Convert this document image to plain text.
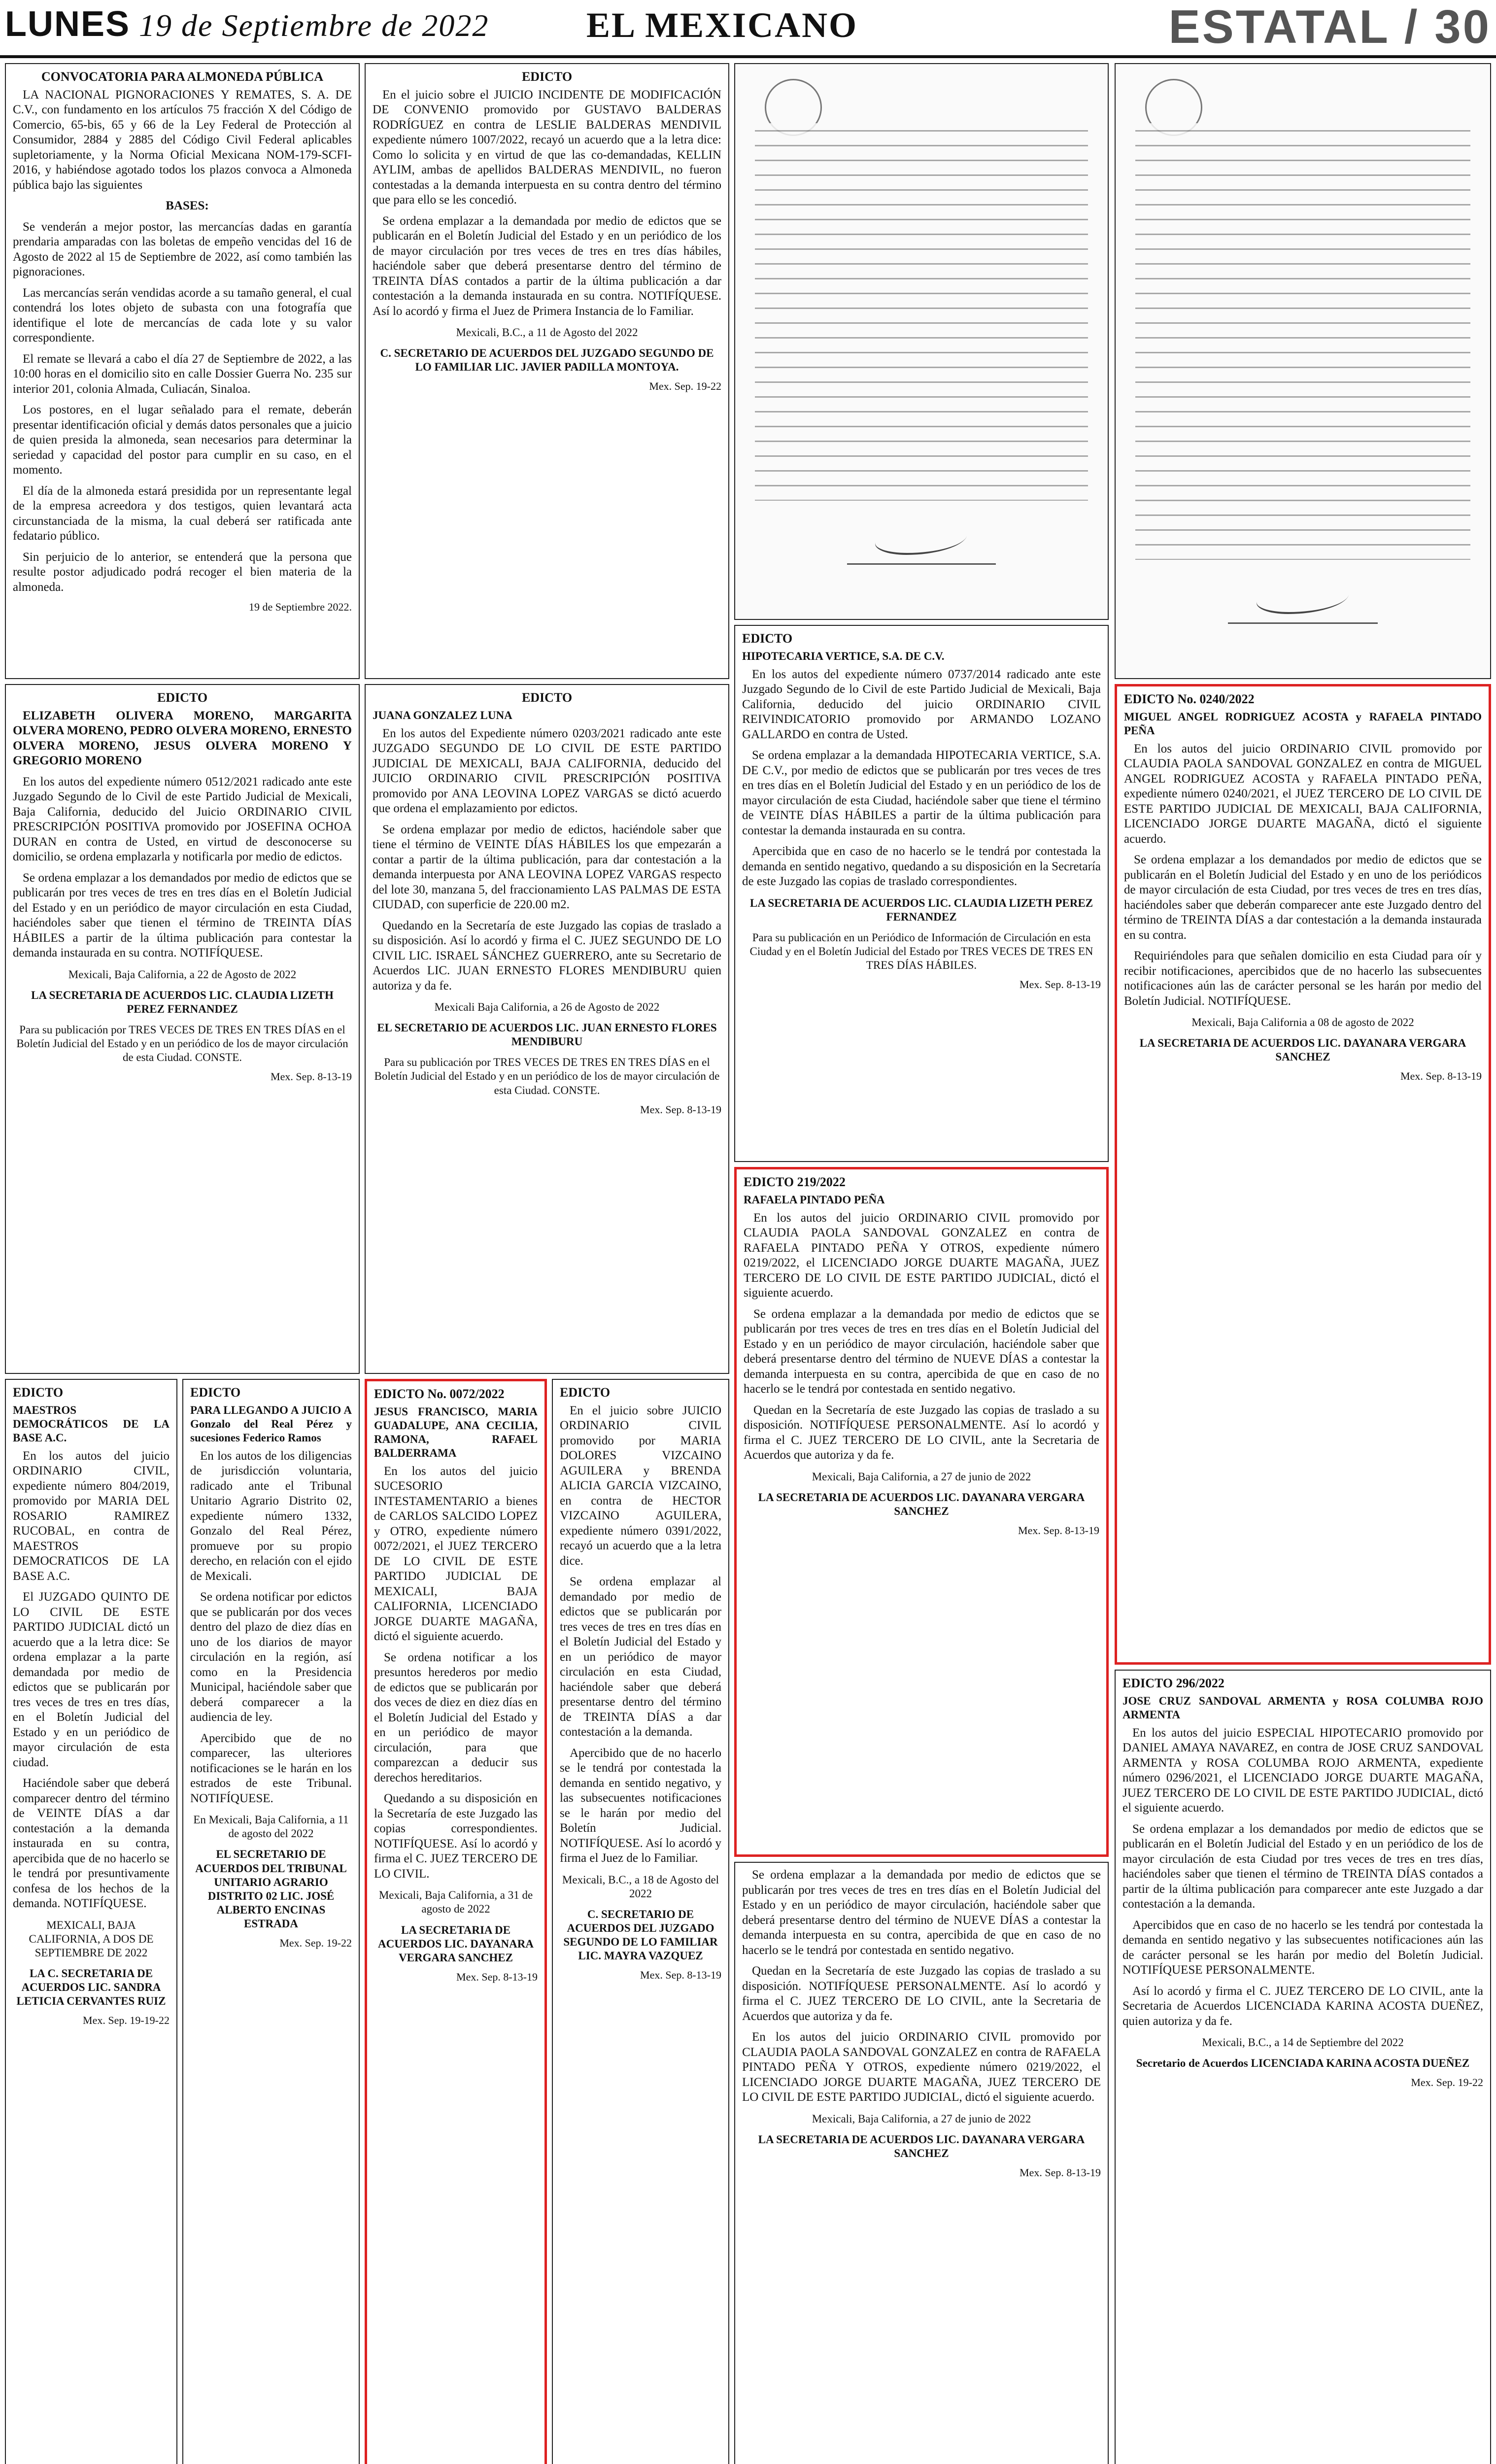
LUNES 19 de Septiembre de 2022	EL MEXICANO	ESTATAL / 30
CONVOCATORIA PARA ALMONEDA PÚBLICA

LA NACIONAL PIGNORACIONES Y REMATES, S. A. DE C.V., con fundamento en los artículos 75 fracción X del Código de Comercio, 65-bis, 65 y 66 de la Ley Federal de Protección al Consumidor, 2884 y 2885 del Código Civil Federal aplicables supletoriamente, y la Norma Oficial Mexicana NOM-179-SCFI-2016, y habiéndose agotado todos los plazos convoca a Almoneda pública bajo las siguientes

BASES:

Se venderán a mejor postor, las mercancías dadas en garantía prendaria amparadas con las boletas de empeño vencidas del 16 de Agosto de 2022 al 15 de Septiembre de 2022, así como también las pignoraciones.

Las mercancías serán vendidas acorde a su tamaño general, el cual contendrá los lotes objeto de subasta con una fotografía que identifique el lote de mercancías de cada lote y su valor correspondiente.

El remate se llevará a cabo el día 27 de Septiembre de 2022, a las 10:00 horas en el domicilio sito en calle Dossier Guerra No. 235 sur interior 201, colonia Almada, Culiacán, Sinaloa.

Los postores, en el lugar señalado para el remate, deberán presentar identificación oficial y demás datos personales que a juicio de quien presida la almoneda, sean necesarios para determinar la seriedad y capacidad del postor para cumplir en su caso, en el momento.

El día de la almoneda estará presidida por un representante legal de la empresa acreedora y dos testigos, quien levantará acta circunstanciada de la misma, la cual deberá ser ratificada ante fedatario público.

Sin perjuicio de lo anterior, se entenderá que la persona que resulte postor adjudicado podrá recoger el bien materia de la almoneda.

19 de Septiembre 2022.
EDICTO

En el juicio sobre el JUICIO INCIDENTE DE MODIFICACIÓN DE CONVENIO promovido por GUSTAVO BALDERAS RODRÍGUEZ en contra de LESLIE BALDERAS MENDIVIL expediente número 1007/2022, recayó un acuerdo que a la letra dice: Como lo solicita y en virtud de que las co-demandadas, KELLIN AYLIM, ambas de apellidos BALDERAS MENDIVIL, no fueron contestadas a la demanda interpuesta en su contra dentro del término que para ello se les concedió.

Se ordena emplazar a la demandada por medio de edictos que se publicarán en el Boletín Judicial del Estado y en un periódico de los de mayor circulación por tres veces de tres en tres días hábiles, haciéndole saber que deberá presentarse dentro del término de TREINTA DÍAS contados a partir de la última publicación a dar contestación a la demanda instaurada en su contra. NOTIFÍQUESE. Así lo acordó y firma el Juez de Primera Instancia de lo Familiar.

Mexicali, B.C., a 11 de Agosto del 2022
C. SECRETARIO DE ACUERDOS DEL JUZGADO SEGUNDO DE LO FAMILIAR LIC. JAVIER PADILLA MONTOYA.
Mex. Sep. 19-22
EDICTO

ELIZABETH OLIVERA MORENO, MARGARITA OLVERA MORENO, PEDRO OLVERA MORENO, ERNESTO OLVERA MORENO, JESUS OLVERA MORENO Y GREGORIO MORENO

En los autos del expediente número 0512/2021 radicado ante este Juzgado Segundo de lo Civil de este Partido Judicial de Mexicali, Baja California, deducido del Juicio ORDINARIO CIVIL PRESCRIPCIÓN POSITIVA promovido por JOSEFINA OCHOA DURAN en contra de Usted, en virtud de desconocerse su domicilio, se ordena emplazarla y notificarla por medio de edictos.

Se ordena emplazar a los demandados por medio de edictos que se publicarán por tres veces de tres en tres días en el Boletín Judicial del Estado y en un periódico de mayor circulación en esta Ciudad, haciéndoles saber que tienen el término de TREINTA DÍAS HÁBILES a partir de la última publicación para contestar la demanda instaurada en su contra. NOTIFÍQUESE.

Mexicali, Baja California, a 22 de Agosto de 2022
LA SECRETARIA DE ACUERDOS LIC. CLAUDIA LIZETH PEREZ FERNANDEZ
Para su publicación por TRES VECES DE TRES EN TRES DÍAS en el Boletín Judicial del Estado y en un periódico de los de mayor circulación de esta Ciudad. CONSTE.
Mex. Sep. 8-13-19
EDICTO
JUANA GONZALEZ LUNA

En los autos del Expediente número 0203/2021 radicado ante este JUZGADO SEGUNDO DE LO CIVIL DE ESTE PARTIDO JUDICIAL DE MEXICALI, BAJA CALIFORNIA, deducido del JUICIO ORDINARIO CIVIL PRESCRIPCIÓN POSITIVA promovido por ANA LEOVINA LOPEZ VARGAS se dictó acuerdo que ordena el emplazamiento por edictos.

Se ordena emplazar por medio de edictos, haciéndole saber que tiene el término de VEINTE DÍAS HÁBILES los que empezarán a contar a partir de la última publicación, para dar contestación a la demanda interpuesta por ANA LEOVINA LOPEZ VARGAS respecto del lote 30, manzana 5, del fraccionamiento LAS PALMAS DE ESTA CIUDAD, con superficie de 220.00 m2.

Quedando en la Secretaría de este Juzgado las copias de traslado a su disposición. Así lo acordó y firma el C. JUEZ SEGUNDO DE LO CIVIL LIC. ISRAEL SÁNCHEZ GUERRERO, ante su Secretario de Acuerdos LIC. JUAN ERNESTO FLORES MENDIBURU quien autoriza y da fe.

Mexicali Baja California, a 26 de Agosto de 2022
EL SECRETARIO DE ACUERDOS LIC. JUAN ERNESTO FLORES MENDIBURU
Para su publicación por TRES VECES DE TRES EN TRES DÍAS en el Boletín Judicial del Estado y en un periódico de los de mayor circulación de esta Ciudad. CONSTE.
Mex. Sep. 8-13-19
EDICTO
HIPOTECARIA VERTICE, S.A. DE C.V.

En los autos del expediente número 0737/2014 radicado ante este Juzgado Segundo de lo Civil de este Partido Judicial de Mexicali, Baja California, deducido del juicio ORDINARIO CIVIL REIVINDICATORIO promovido por ARMANDO LOZANO GALLARDO en contra de Usted.

Se ordena emplazar a la demandada HIPOTECARIA VERTICE, S.A. DE C.V., por medio de edictos que se publicarán por tres veces de tres en tres días en el Boletín Judicial del Estado y en un periódico de los de mayor circulación de esta Ciudad, haciéndole saber que tiene el término de VEINTE DÍAS HÁBILES a partir de la última publicación para contestar la demanda instaurada en su contra.

Apercibida que en caso de no hacerlo se le tendrá por contestada la demanda en sentido negativo, quedando a su disposición en la Secretaría de este Juzgado las copias de traslado correspondientes.

LA SECRETARIA DE ACUERDOS LIC. CLAUDIA LIZETH PEREZ FERNANDEZ
Para su publicación en un Periódico de Información de Circulación en esta Ciudad y en el Boletín Judicial del Estado por TRES VECES DE TRES EN TRES DÍAS HÁBILES.
Mex. Sep. 8-13-19
EDICTO 219/2022
RAFAELA PINTADO PEÑA

En los autos del juicio ORDINARIO CIVIL promovido por CLAUDIA PAOLA SANDOVAL GONZALEZ en contra de RAFAELA PINTADO PEÑA Y OTROS, expediente número 0219/2022, el LICENCIADO JORGE DUARTE MAGAÑA, JUEZ TERCERO DE LO CIVIL DE ESTE PARTIDO JUDICIAL, dictó el siguiente acuerdo.

Se ordena emplazar a la demandada por medio de edictos que se publicarán por tres veces de tres en tres días en el Boletín Judicial del Estado y en un periódico de mayor circulación, haciéndole saber que deberá presentarse dentro del término de NUEVE DÍAS a contestar la demanda interpuesta en su contra, apercibida de que en caso de no hacerlo se le tendrá por contestada en sentido negativo.

Quedan en la Secretaría de este Juzgado las copias de traslado a su disposición. NOTIFÍQUESE PERSONALMENTE. Así lo acordó y firma el C. JUEZ TERCERO DE LO CIVIL, ante la Secretaria de Acuerdos que autoriza y da fe.

Mexicali, Baja California, a 27 de junio de 2022
LA SECRETARIA DE ACUERDOS LIC. DAYANARA VERGARA SANCHEZ
Mex. Sep. 8-13-19
EDICTO No. 0240/2022
MIGUEL ANGEL RODRIGUEZ ACOSTA y RAFAELA PINTADO PEÑA

En los autos del juicio ORDINARIO CIVIL promovido por CLAUDIA PAOLA SANDOVAL GONZALEZ en contra de MIGUEL ANGEL RODRIGUEZ ACOSTA y RAFAELA PINTADO PEÑA, expediente número 0240/2021, el JUEZ TERCERO DE LO CIVIL DE ESTE PARTIDO JUDICIAL DE MEXICALI, BAJA CALIFORNIA, LICENCIADO JORGE DUARTE MAGAÑA, dictó el siguiente acuerdo.

Se ordena emplazar a los demandados por medio de edictos que se publicarán en el Boletín Judicial del Estado y en uno de los periódicos de mayor circulación de esta Ciudad, por tres veces de tres en tres días, haciéndoles saber que deberán comparecer ante este Juzgado dentro del término de TREINTA DÍAS a dar contestación a la demanda instaurada en su contra.

Requiriéndoles para que señalen domicilio en esta Ciudad para oír y recibir notificaciones, apercibidos que de no hacerlo las subsecuentes notificaciones aún las de carácter personal se les harán por medio del Boletín Judicial. NOTIFÍQUESE.

Mexicali, Baja California a 08 de agosto de 2022
LA SECRETARIA DE ACUERDOS LIC. DAYANARA VERGARA SANCHEZ
Mex. Sep. 8-13-19
EDICTO 296/2022
JOSE CRUZ SANDOVAL ARMENTA y ROSA COLUMBA ROJO ARMENTA

En los autos del juicio ESPECIAL HIPOTECARIO promovido por DANIEL AMAYA NAVAREZ, en contra de JOSE CRUZ SANDOVAL ARMENTA y ROSA COLUMBA ROJO ARMENTA, expediente número 0296/2021, el LICENCIADO JORGE DUARTE MAGAÑA, JUEZ TERCERO DE LO CIVIL DE ESTE PARTIDO JUDICIAL, dictó el siguiente acuerdo.

Se ordena emplazar a los demandados por medio de edictos que se publicarán en el Boletín Judicial del Estado y en un periódico de los de mayor circulación de esta Ciudad por tres veces de tres en tres días, haciéndoles saber que tienen el término de TREINTA DÍAS contados a partir de la última publicación para comparecer ante este Juzgado a dar contestación a la demanda.

Apercibidos que en caso de no hacerlo se les tendrá por contestada la demanda en sentido negativo y las subsecuentes notificaciones aún las de carácter personal se les harán por medio del Boletín Judicial. NOTIFÍQUESE PERSONALMENTE.

Así lo acordó y firma el C. JUEZ TERCERO DE LO CIVIL, ante la Secretaria de Acuerdos LICENCIADA KARINA ACOSTA DUEÑEZ, quien autoriza y da fe.

Mexicali, B.C., a 14 de Septiembre del 2022
Secretario de Acuerdos LICENCIADA KARINA ACOSTA DUEÑEZ
Mex. Sep. 19-22
EDICTO
MAESTROS DEMOCRÁTICOS DE LA BASE A.C.

En los autos del juicio ORDINARIO CIVIL, expediente número 804/2019, promovido por MARIA DEL ROSARIO RAMIREZ RUCOBAL, en contra de MAESTROS DEMOCRATICOS DE LA BASE A.C.

El JUZGADO QUINTO DE LO CIVIL DE ESTE PARTIDO JUDICIAL dictó un acuerdo que a la letra dice: Se ordena emplazar a la parte demandada por medio de edictos que se publicarán por tres veces de tres en tres días, en el Boletín Judicial del Estado y en un periódico de mayor circulación de esta ciudad.

Haciéndole saber que deberá comparecer dentro del término de VEINTE DÍAS a dar contestación a la demanda instaurada en su contra, apercibida que de no hacerlo se le tendrá por presuntivamente confesa de los hechos de la demanda. NOTIFÍQUESE.

MEXICALI, BAJA CALIFORNIA, A DOS DE SEPTIEMBRE DE 2022
LA C. SECRETARIA DE ACUERDOS LIC. SANDRA LETICIA CERVANTES RUIZ
Mex. Sep. 19-19-22
EDICTO
PARA LLEGANDO A JUICIO A Gonzalo del Real Pérez y sucesiones Federico Ramos

En los autos de los diligencias de jurisdicción voluntaria, radicado ante el Tribunal Unitario Agrario Distrito 02, expediente número 1332, Gonzalo del Real Pérez, promueve por su propio derecho, en relación con el ejido de Mexicali.

Se ordena notificar por edictos que se publicarán por dos veces dentro del plazo de diez días en uno de los diarios de mayor circulación en la región, así como en la Presidencia Municipal, haciéndole saber que deberá comparecer a la audiencia de ley.

Apercibido que de no comparecer, las ulteriores notificaciones se le harán en los estrados de este Tribunal. NOTIFÍQUESE.

En Mexicali, Baja California, a 11 de agosto del 2022
EL SECRETARIO DE ACUERDOS DEL TRIBUNAL UNITARIO AGRARIO DISTRITO 02 LIC. JOSÉ ALBERTO ENCINAS ESTRADA
Mex. Sep. 19-22
EDICTO No. 0072/2022
JESUS FRANCISCO, MARIA GUADALUPE, ANA CECILIA, RAMONA, RAFAEL BALDERRAMA

En los autos del juicio SUCESORIO INTESTAMENTARIO a bienes de CARLOS SALCIDO LOPEZ y OTRO, expediente número 0072/2021, el JUEZ TERCERO DE LO CIVIL DE ESTE PARTIDO JUDICIAL DE MEXICALI, BAJA CALIFORNIA, LICENCIADO JORGE DUARTE MAGAÑA, dictó el siguiente acuerdo.

Se ordena notificar a los presuntos herederos por medio de edictos que se publicarán por dos veces de diez en diez días en el Boletín Judicial del Estado y en un periódico de mayor circulación, para que comparezcan a deducir sus derechos hereditarios.

Quedando a su disposición en la Secretaría de este Juzgado las copias correspondientes. NOTIFÍQUESE. Así lo acordó y firma el C. JUEZ TERCERO DE LO CIVIL.

Mexicali, Baja California, a 31 de agosto de 2022
LA SECRETARIA DE ACUERDOS LIC. DAYANARA VERGARA SANCHEZ
Mex. Sep. 8-13-19
EDICTO

En el juicio sobre JUICIO ORDINARIO CIVIL promovido por MARIA DOLORES VIZCAINO AGUILERA y BRENDA ALICIA GARCIA VIZCAINO, en contra de HECTOR VIZCAINO AGUILERA, expediente número 0391/2022, recayó un acuerdo que a la letra dice.

Se ordena emplazar al demandado por medio de edictos que se publicarán por tres veces de tres en tres días en el Boletín Judicial del Estado y en un periódico de mayor circulación en esta Ciudad, haciéndole saber que deberá presentarse dentro del término de TREINTA DÍAS a dar contestación a la demanda.

Apercibido que de no hacerlo se le tendrá por contestada la demanda en sentido negativo, y las subsecuentes notificaciones se le harán por medio del Boletín Judicial. NOTIFÍQUESE. Así lo acordó y firma el Juez de lo Familiar.

Mexicali, B.C., a 18 de Agosto del 2022
C. SECRETARIO DE ACUERDOS DEL JUZGADO SEGUNDO DE LO FAMILIAR LIC. MAYRA VAZQUEZ
Mex. Sep. 8-13-19

Se ordena emplazar a la demandada por medio de edictos que se publicarán por tres veces de tres en tres días en el Boletín Judicial del Estado y en un periódico de mayor circulación, haciéndole saber que deberá presentarse dentro del término de NUEVE DÍAS a contestar la demanda interpuesta en su contra, apercibida de que en caso de no hacerlo se le tendrá por contestada en sentido negativo.

Quedan en la Secretaría de este Juzgado las copias de traslado a su disposición. NOTIFÍQUESE PERSONALMENTE. Así lo acordó y firma el C. JUEZ TERCERO DE LO CIVIL, ante la Secretaria de Acuerdos que autoriza y da fe.

En los autos del juicio ORDINARIO CIVIL promovido por CLAUDIA PAOLA SANDOVAL GONZALEZ en contra de RAFAELA PINTADO PEÑA Y OTROS, expediente número 0219/2022, el LICENCIADO JORGE DUARTE MAGAÑA, JUEZ TERCERO DE LO CIVIL DE ESTE PARTIDO JUDICIAL, dictó el siguiente acuerdo.

Mexicali, Baja California, a 27 de junio de 2022
LA SECRETARIA DE ACUERDOS LIC. DAYANARA VERGARA SANCHEZ
Mex. Sep. 8-13-19
